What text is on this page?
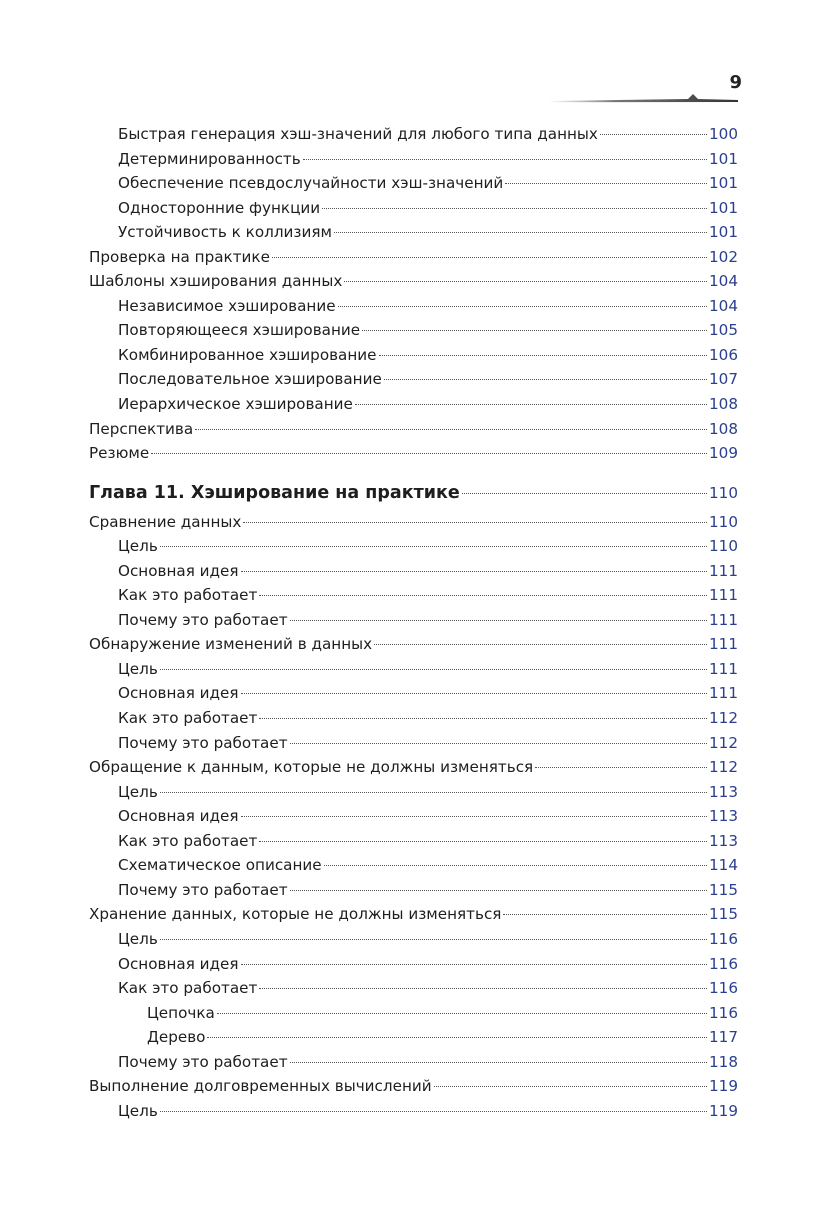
9
Быстрая генерация хэш-значений для любого типа данных	100
Детерминированность	101
Обеспечение псевдослучайности хэш-значений	101
Односторонние функции	101
Устойчивость к коллизиям	101
Проверка на практике	102
Шаблоны хэширования данных	104
Независимое хэширование	104
Повторяющееся хэширование	105
Комбинированное хэширование	106
Последовательное хэширование	107
Иерархическое хэширование	108
Перспектива	108
Резюме	109
Глава 11. Хэширование на практике	110
Сравнение данных	110
Цель	110
Основная идея	111
Как это работает	111
Почему это работает	111
Обнаружение изменений в данных	111
Цель	111
Основная идея	111
Как это работает	112
Почему это работает	112
Обращение к данным, которые не должны изменяться	112
Цель	113
Основная идея	113
Как это работает	113
Схематическое описание	114
Почему это работает	115
Хранение данных, которые не должны изменяться	115
Цель	116
Основная идея	116
Как это работает	116
Цепочка	116
Дерево	117
Почему это работает	118
Выполнение долговременных вычислений	119
Цель	119
